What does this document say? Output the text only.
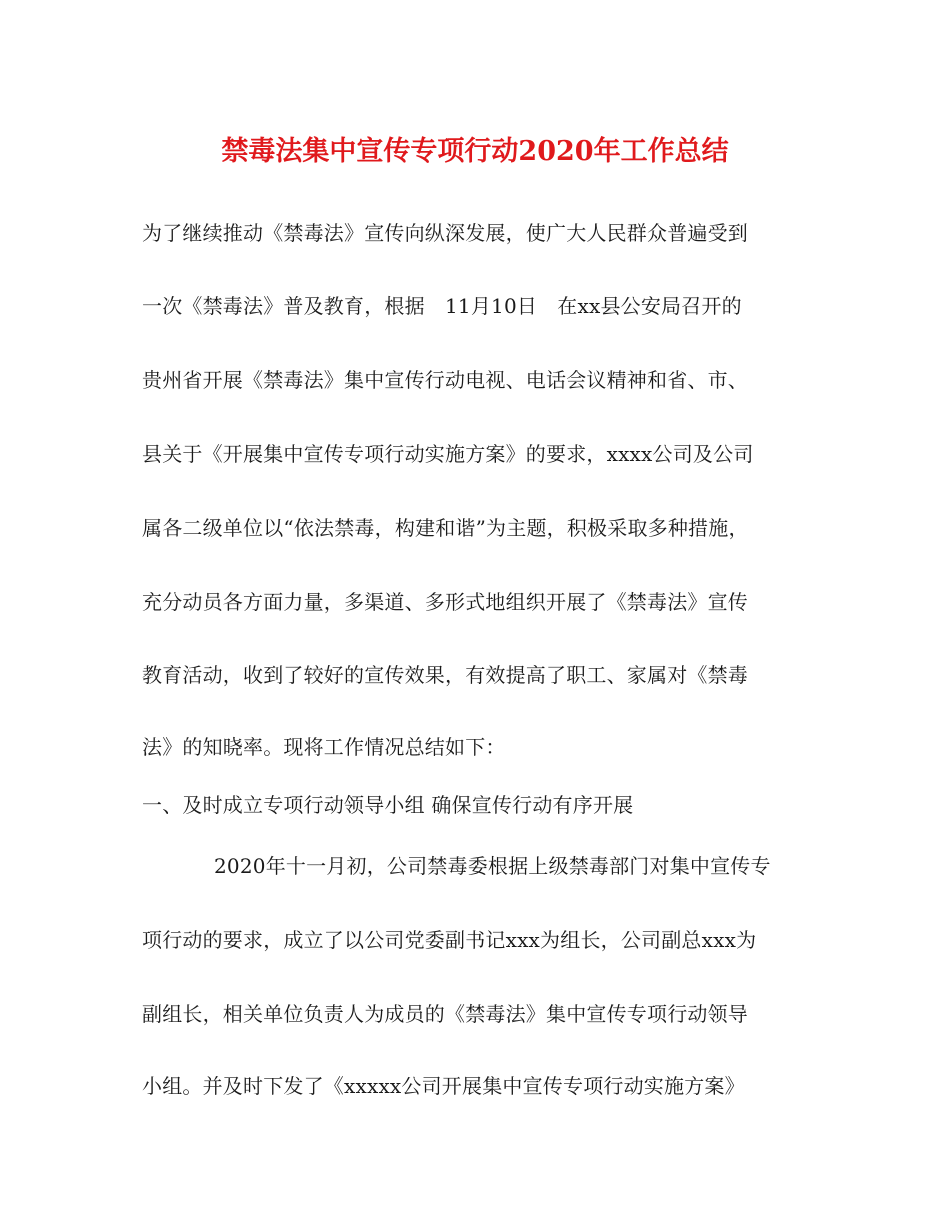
禁毒法集中宣传专项行动2020年工作总结
为了继续推动《禁毒法》宣传向纵深发展，使广大人民群众普遍受到
一次《禁毒法》普及教育，根据　11月10日　在xx县公安局召开的
贵州省开展《禁毒法》集中宣传行动电视、电话会议精神和省、市、
县关于《开展集中宣传专项行动实施方案》的要求，xxxx公司及公司
属各二级单位以“依法禁毒，构建和谐”为主题，积极采取多种措施，
充分动员各方面力量，多渠道、多形式地组织开展了《禁毒法》宣传
教育活动，收到了较好的宣传效果，有效提高了职工、家属对《禁毒
法》的知晓率。现将工作情况总结如下：
一、及时成立专项行动领导小组 确保宣传行动有序开展
2020年十一月初，公司禁毒委根据上级禁毒部门对集中宣传专
项行动的要求，成立了以公司党委副书记xxx为组长，公司副总xxx为
副组长，相关单位负责人为成员的《禁毒法》集中宣传专项行动领导
小组。并及时下发了《xxxxx公司开展集中宣传专项行动实施方案》
